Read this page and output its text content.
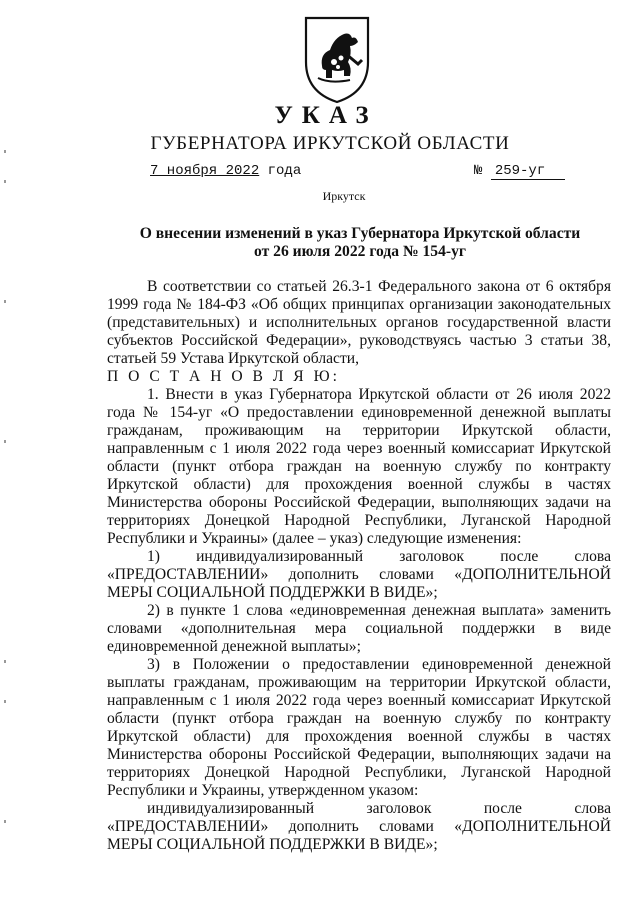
УКАЗ
ГУБЕРНАТОРА ИРКУТСКОЙ ОБЛАСТИ
7 ноября 2022 года	№ 259-уг
Иркутск
О внесении изменений в указ Губернатора Иркутской области
от 26 июля 2022 года № 154-уг

В соответствии со статьей 26.3-1 Федерального закона от 6 октября 1999 года № 184-ФЗ «Об общих принципах организации законодательных (представительных) и исполнительных органов государственной власти субъектов Российской Федерации», руководствуясь частью 3 статьи 38, статьей 59 Устава Иркутской области,

П О С Т А Н О В Л Я Ю:

1. Внести в указ Губернатора Иркутской области от 26 июля 2022 года № 154-уг «О предоставлении единовременной денежной выплаты гражданам, проживающим на территории Иркутской области, направленным с 1 июля 2022 года через военный комиссариат Иркутской области (пункт отбора граждан на военную службу по контракту Иркутской области) для прохождения военной службы в частях Министерства обороны Российской Федерации, выполняющих задачи на территориях Донецкой Народной Республики, Луганской Народной Республики и Украины» (далее – указ) следующие изменения:

1) индивидуализированный заголовок после слова «ПРЕДОСТАВЛЕНИИ» дополнить словами «ДОПОЛНИТЕЛЬНОЙ МЕРЫ СОЦИАЛЬНОЙ ПОДДЕРЖКИ В ВИДЕ»;

2) в пункте 1 слова «единовременная денежная выплата» заменить словами «дополнительная мера социальной поддержки в виде единовременной денежной выплаты»;

3) в Положении о предоставлении единовременной денежной выплаты гражданам, проживающим на территории Иркутской области, направленным с 1 июля 2022 года через военный комиссариат Иркутской области (пункт отбора граждан на военную службу по контракту Иркутской области) для прохождения военной службы в частях Министерства обороны Российской Федерации, выполняющих задачи на территориях Донецкой Народной Республики, Луганской Народной Республики и Украины, утвержденном указом:

индивидуализированный заголовок после слова «ПРЕДОСТАВЛЕНИИ» дополнить словами «ДОПОЛНИТЕЛЬНОЙ МЕРЫ СОЦИАЛЬНОЙ ПОДДЕРЖКИ В ВИДЕ»;
